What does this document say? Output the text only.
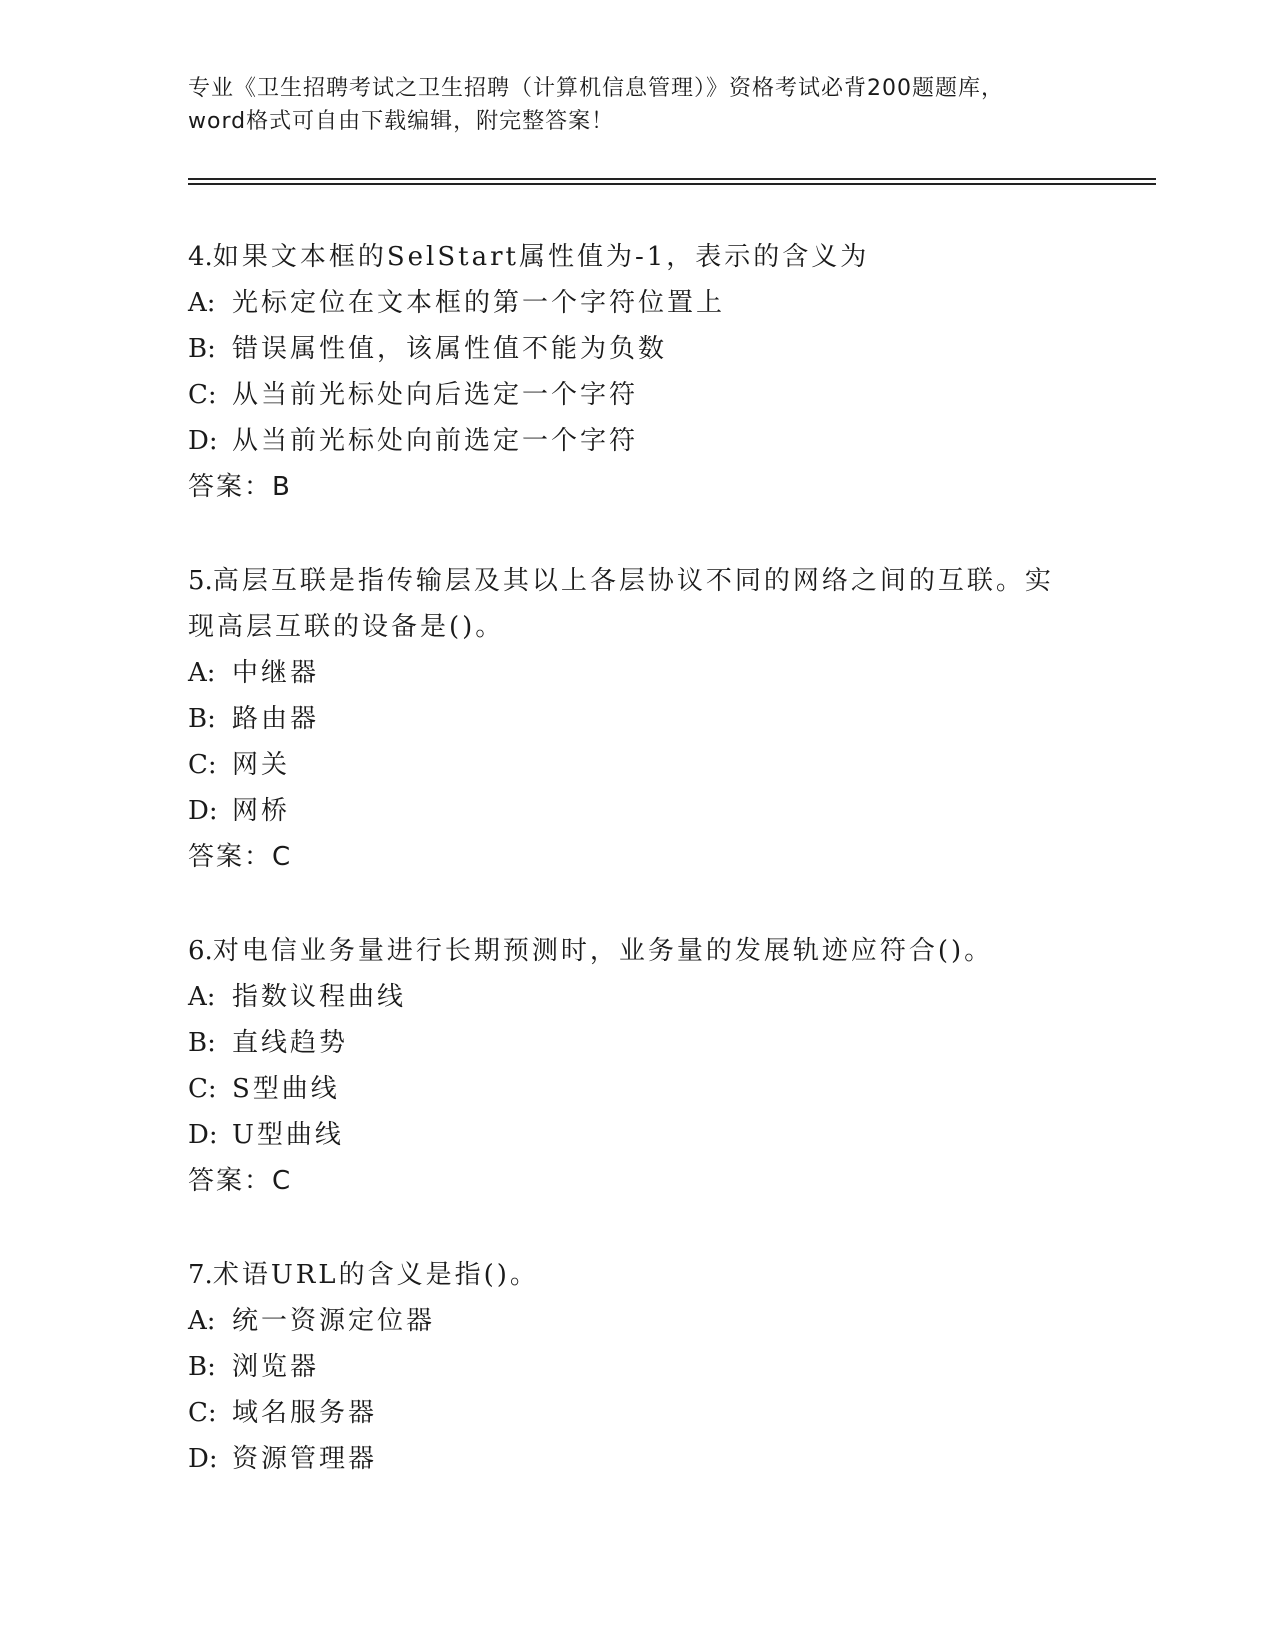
专业《卫生招聘考试之卫生招聘（计算机信息管理）》资格考试必背200题题库，
word格式可自由下载编辑，附完整答案！
4.如果文本框的SelStart属性值为-1，表示的含义为
A: 光标定位在文本框的第一个字符位置上
B: 错误属性值，该属性值不能为负数
C: 从当前光标处向后选定一个字符
D: 从当前光标处向前选定一个字符
答案：B
5.高层互联是指传输层及其以上各层协议不同的网络之间的互联。实
现高层互联的设备是()。
A: 中继器
B: 路由器
C: 网关
D: 网桥
答案：C
6.对电信业务量进行长期预测时，业务量的发展轨迹应符合()。
A: 指数议程曲线
B: 直线趋势
C: S型曲线
D: U型曲线
答案：C
7.术语URL的含义是指()。
A: 统一资源定位器
B: 浏览器
C: 域名服务器
D: 资源管理器
